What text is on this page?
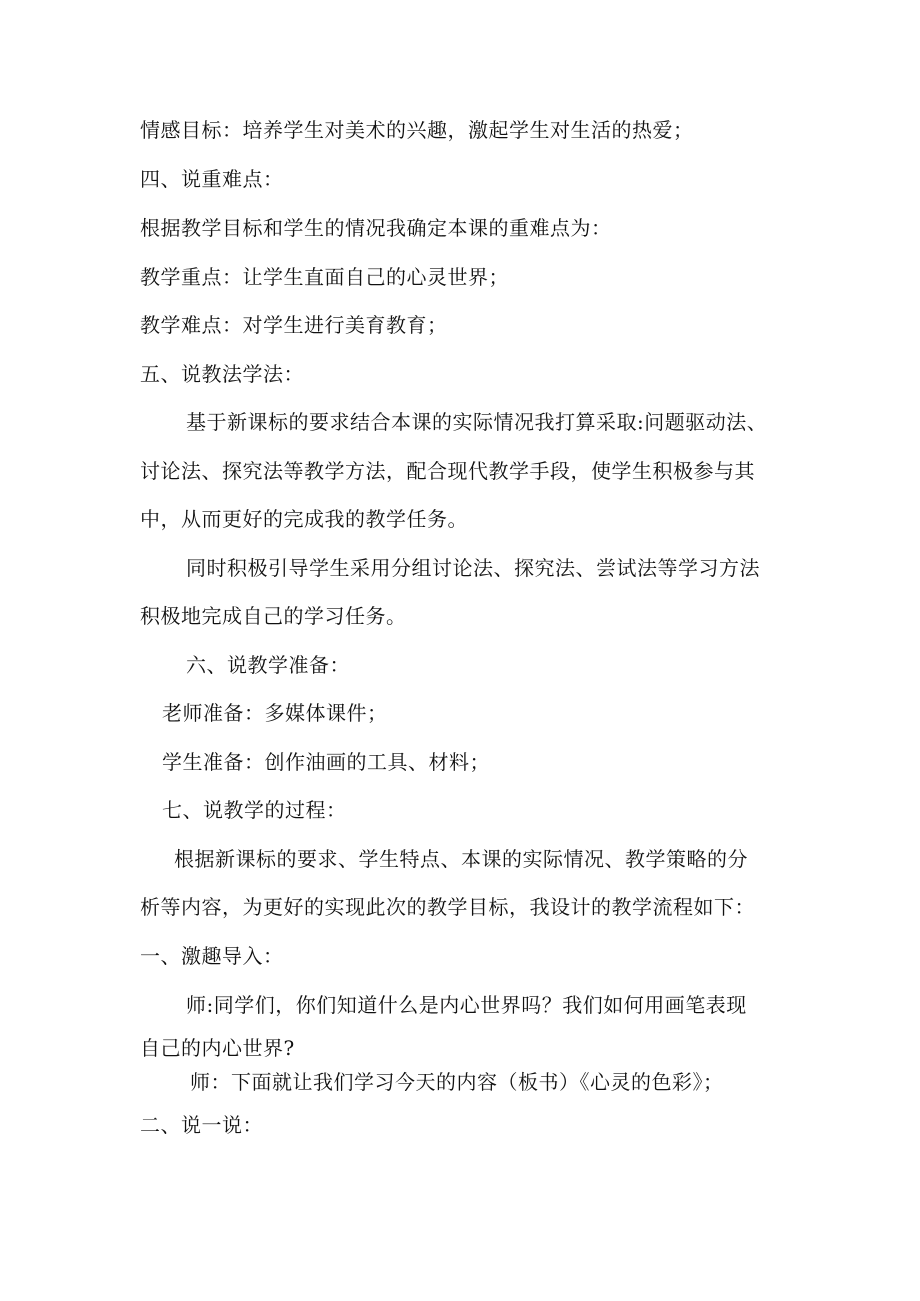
情感目标：培养学生对美术的兴趣，激起学生对生活的热爱；
四、说重难点：
根据教学目标和学生的情况我确定本课的重难点为：
教学重点：让学生直面自己的心灵世界；
教学难点：对学生进行美育教育；
五、说教法学法：
基于新课标的要求结合本课的实际情况我打算采取:问题驱动法、
讨论法、探究法等教学方法，配合现代教学手段，使学生积极参与其
中，从而更好的完成我的教学任务。
同时积极引导学生采用分组讨论法、探究法、尝试法等学习方法
积极地完成自己的学习任务。
六、说教学准备：
老师准备：多媒体课件；
学生准备：创作油画的工具、材料；
七、说教学的过程：
根据新课标的要求、学生特点、本课的实际情况、教学策略的分
析等内容，为更好的实现此次的教学目标，我设计的教学流程如下：
一、激趣导入：
师:同学们，你们知道什么是内心世界吗？我们如何用画笔表现
自己的内心世界?
师：下面就让我们学习今天的内容（板书）《心灵的色彩》；
二、说一说：
